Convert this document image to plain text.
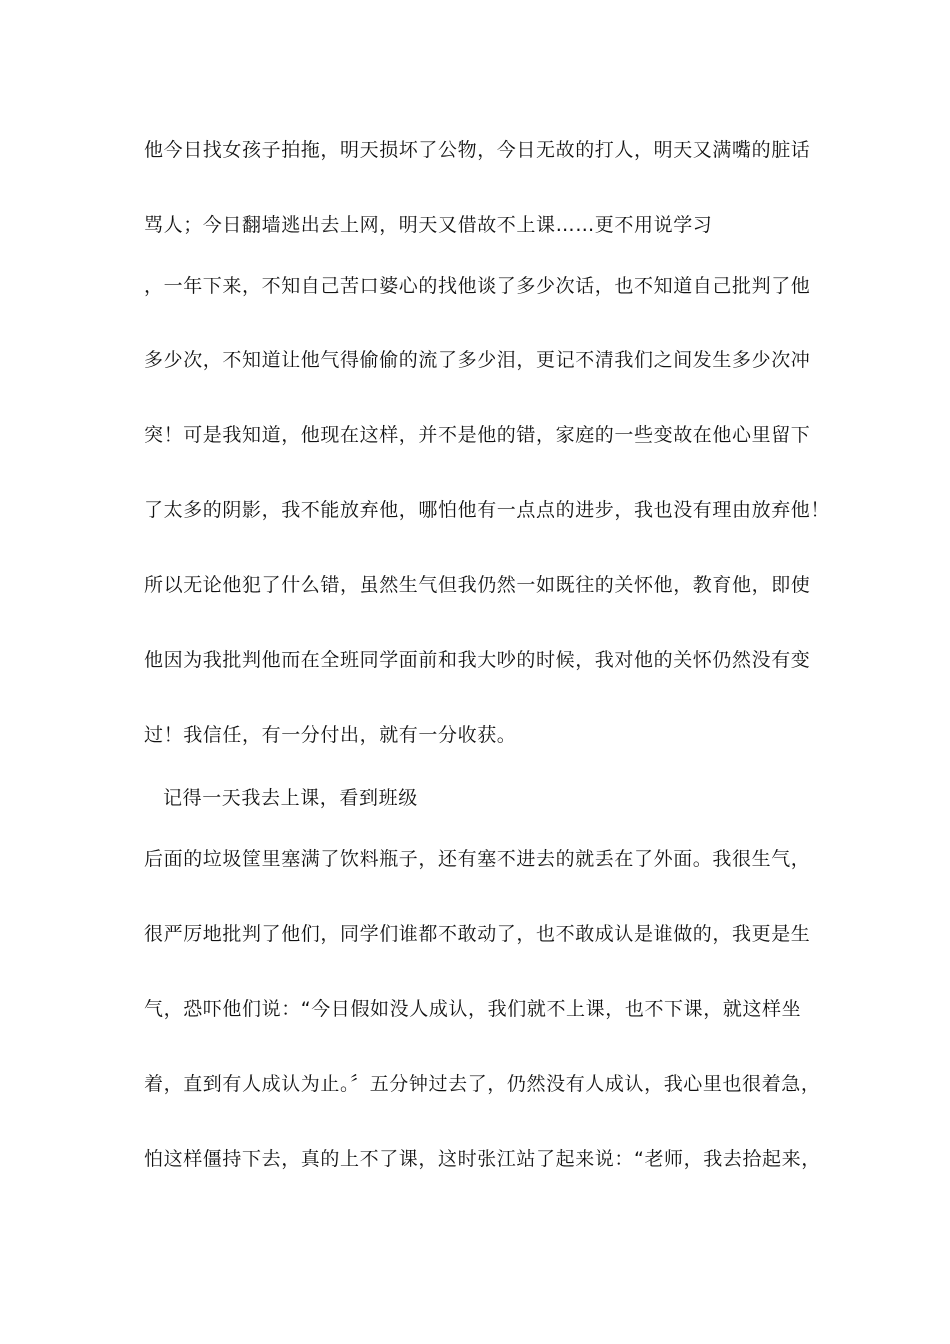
他今日找女孩子拍拖，明天损坏了公物，今日无故的打人，明天又满嘴的脏话
骂人；今日翻墙逃出去上网，明天又借故不上课……更不用说学习
，一年下来，不知自己苦口婆心的找他谈了多少次话，也不知道自己批判了他
多少次，不知道让他气得偷偷的流了多少泪，更记不清我们之间发生多少次冲
突！可是我知道，他现在这样，并不是他的错，家庭的一些变故在他心里留下
了太多的阴影，我不能放弃他，哪怕他有一点点的进步，我也没有理由放弃他！
所以无论他犯了什么错，虽然生气但我仍然一如既往的关怀他，教育他，即使
他因为我批判他而在全班同学面前和我大吵的时候，我对他的关怀仍然没有变
过！我信任，有一分付出，就有一分收获。
记得一天我去上课，看到班级
后面的垃圾筐里塞满了饮料瓶子，还有塞不进去的就丢在了外面。我很生气，
很严厉地批判了他们，同学们谁都不敢动了，也不敢成认是谁做的，我更是生
气，恐吓他们说：“今日假如没人成认，我们就不上课，也不下课，就这样坐
着，直到有人成认为止。〞五分钟过去了，仍然没有人成认，我心里也很着急，
怕这样僵持下去，真的上不了课，这时张江站了起来说：“老师，我去拾起来，
